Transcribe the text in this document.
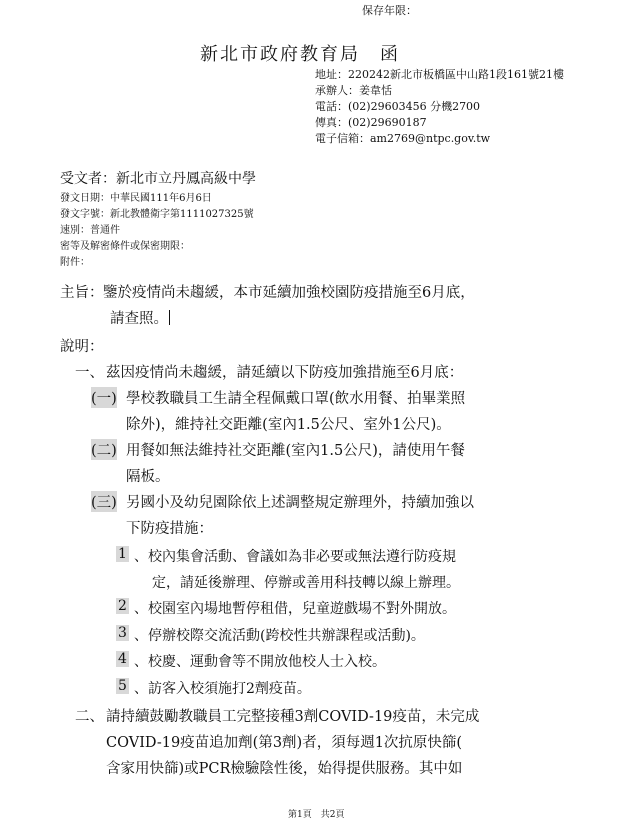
保存年限：
新北市政府教育局　函
地址：220242新北市板橋區中山路1段161號21樓
承辦人：姜韋恬
電話：(02)29603456 分機2700
傳真：(02)29690187
電子信箱：am2769@ntpc.gov.tw
受文者：新北市立丹鳳高級中學
發文日期：中華民國111年6月6日
發文字號：新北教體衛字第1111027325號
速別：普通件
密等及解密條件或保密期限：
附件：
主旨： 鑒於疫情尚未趨緩，本市延續加強校園防疫措施至6月底，
請查照。
說明：
一、 茲因疫情尚未趨緩，請延續以下防疫加強措施至6月底：
(一) 學校教職員工生請全程佩戴口罩(飲水用餐、拍畢業照
除外)，維持社交距離(室內1.5公尺、室外1公尺)。
(二) 用餐如無法維持社交距離(室內1.5公尺)，請使用午餐
隔板。
(三) 另國小及幼兒園除依上述調整規定辦理外，持續加強以
下防疫措施：
1 、校內集會活動、會議如為非必要或無法遵行防疫規
定，請延後辦理、停辦或善用科技轉以線上辦理。
2 、校園室內場地暫停租借，兒童遊戲場不對外開放。
3 、停辦校際交流活動(跨校性共辦課程或活動)。
4 、校慶、運動會等不開放他校人士入校。
5 、訪客入校須施打2劑疫苗。
二、 請持續鼓勵教職員工完整接種3劑COVID-19疫苗，未完成
COVID-19疫苗追加劑(第3劑)者，須每週1次抗原快篩(
含家用快篩)或PCR檢驗陰性後，始得提供服務。其中如
第1頁　共2頁
